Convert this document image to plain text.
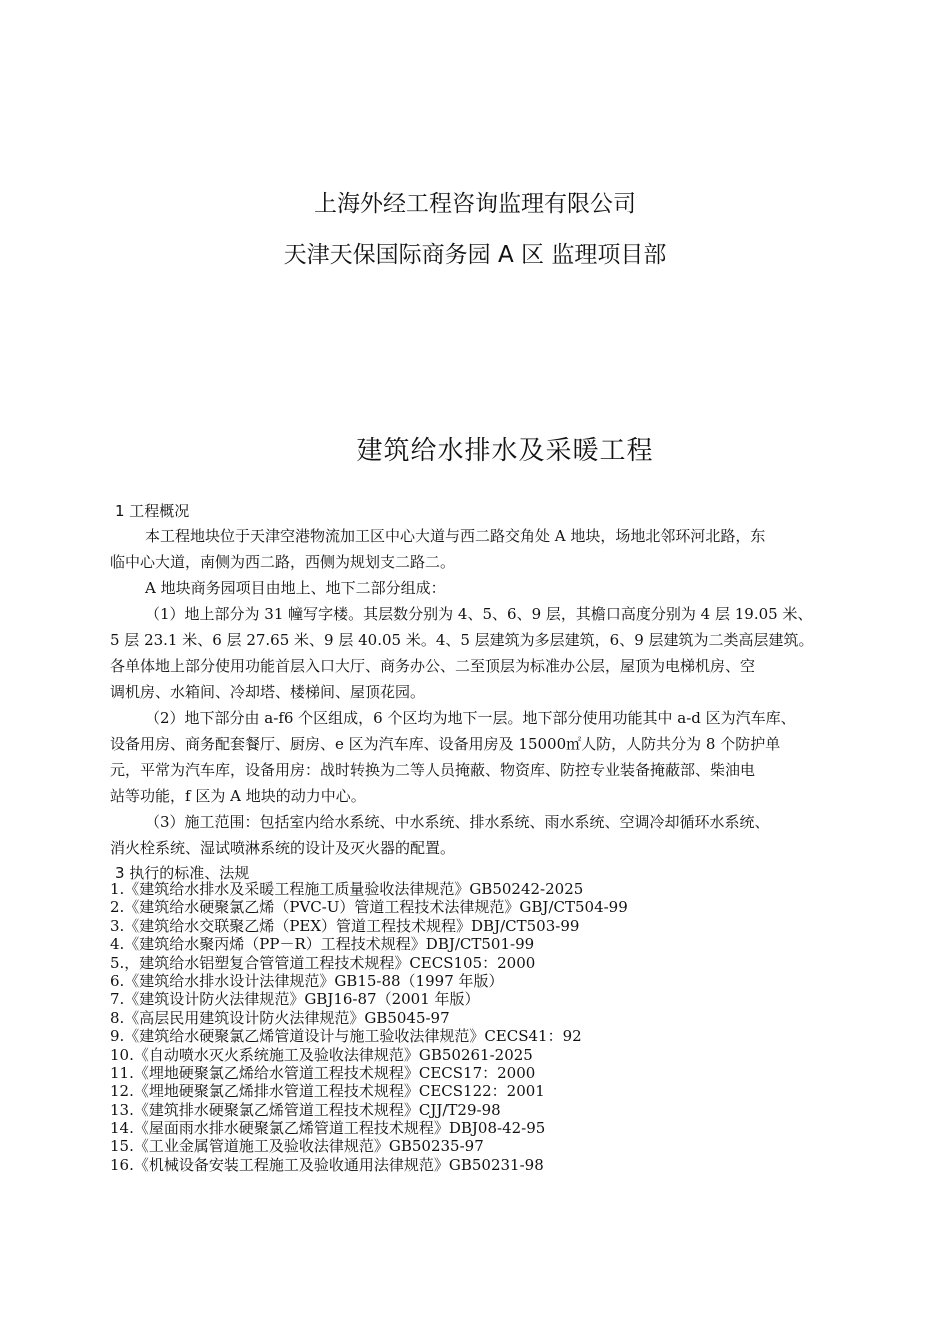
上海外经工程咨询监理有限公司
天津天保国际商务园 A 区 监理项目部
建筑给水排水及采暖工程
1 工程概况
本工程地块位于天津空港物流加工区中心大道与西二路交角处 A 地块，场地北邻环河北路，东
临中心大道，南侧为西二路，西侧为规划支二路二。
A 地块商务园项目由地上、地下二部分组成：
（1）地上部分为 31 幢写字楼。其层数分别为 4、5、6、9 层，其檐口高度分别为 4 层 19.05 米、
5 层 23.1 米、6 层 27.65 米、9 层 40.05 米。4、5 层建筑为多层建筑，6、9 层建筑为二类高层建筑。
各单体地上部分使用功能首层入口大厅、商务办公、二至顶层为标准办公层，屋顶为电梯机房、空
调机房、水箱间、冷却塔、楼梯间、屋顶花园。
（2）地下部分由 a-f6 个区组成，6 个区均为地下一层。地下部分使用功能其中 a-d 区为汽车库、
设备用房、商务配套餐厅、厨房、e 区为汽车库、设备用房及 15000㎡人防，人防共分为 8 个防护单
元，平常为汽车库，设备用房：战时转换为二等人员掩蔽、物资库、防控专业装备掩蔽部、柴油电
站等功能，f 区为 A 地块的动力中心。
（3）施工范围：包括室内给水系统、中水系统、排水系统、雨水系统、空调冷却循环水系统、
消火栓系统、湿试喷淋系统的设计及灭火器的配置。
3 执行的标准、法规
1.《建筑给水排水及采暖工程施工质量验收法律规范》GB50242-2025
2.《建筑给水硬聚氯乙烯（PVC-U）管道工程技术法律规范》GBJ/CT504-99
3.《建筑给水交联聚乙烯（PEX）管道工程技术规程》DBJ/CT503-99
4.《建筑给水聚丙烯（PP－R）工程技术规程》DBJ/CT501-99
5.，建筑给水铝塑复合管管道工程技术规程》CECS105：2000
6.《建筑给水排水设计法律规范》GB15-88（1997 年版）
7.《建筑设计防火法律规范》GBJ16-87（2001 年版）
8.《高层民用建筑设计防火法律规范》GB5045-97
9.《建筑给水硬聚氯乙烯管道设计与施工验收法律规范》CECS41：92
10.《自动喷水灭火系统施工及验收法律规范》GB50261-2025
11.《埋地硬聚氯乙烯给水管道工程技术规程》CECS17：2000
12.《埋地硬聚氯乙烯排水管道工程技术规程》CECS122：2001
13.《建筑排水硬聚氯乙烯管道工程技术规程》CJJ/T29-98
14.《屋面雨水排水硬聚氯乙烯管道工程技术规程》DBJ08-42-95
15.《工业金属管道施工及验收法律规范》GB50235-97
16.《机械设备安装工程施工及验收通用法律规范》GB50231-98
